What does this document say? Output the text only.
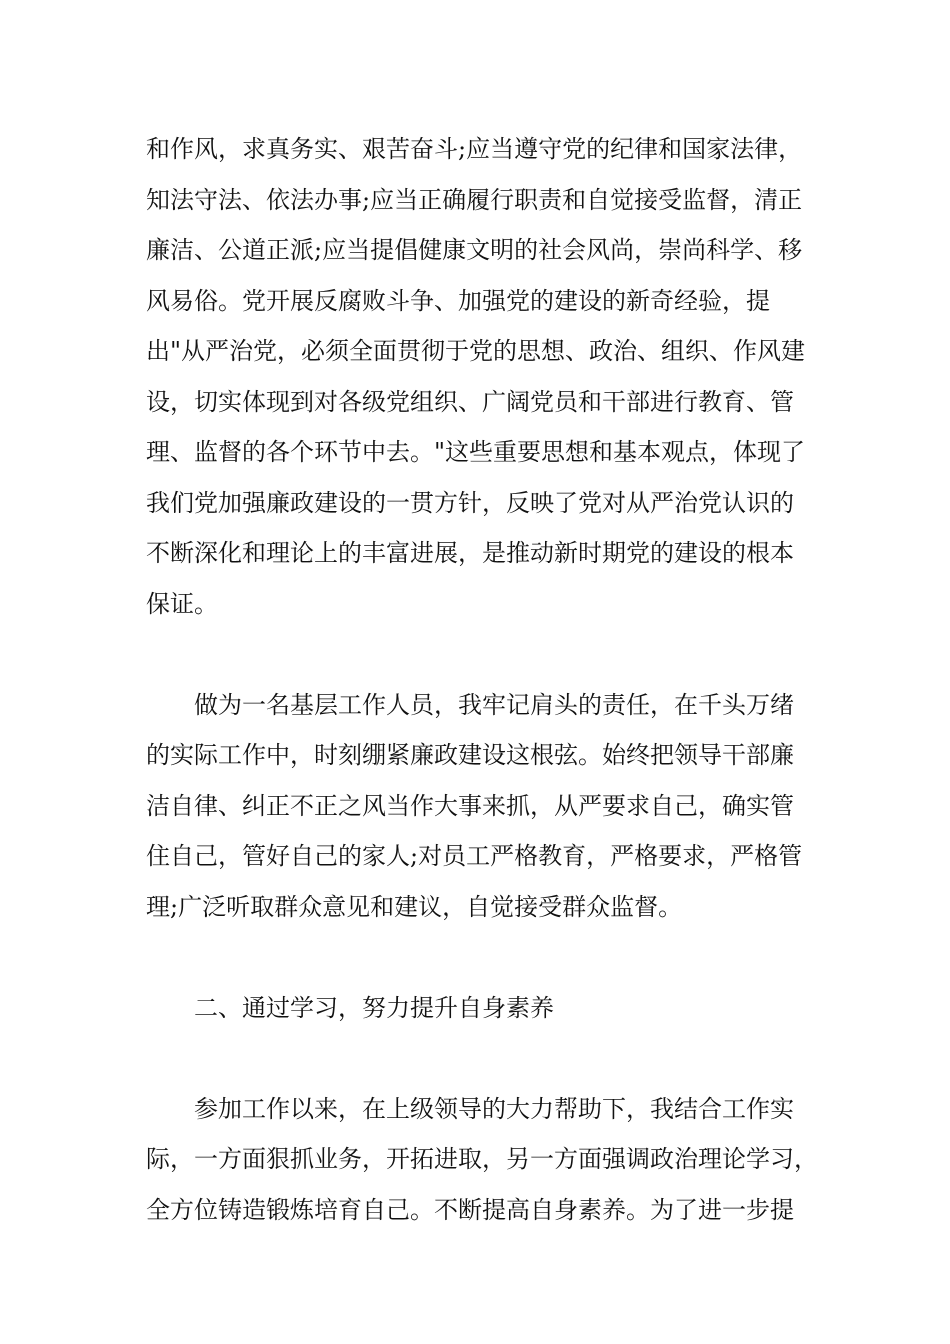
和作风，求真务实、艰苦奋斗;应当遵守党的纪律和国家法律，

知法守法、依法办事;应当正确履行职责和自觉接受监督，清正

廉洁、公道正派;应当提倡健康文明的社会风尚，崇尚科学、移

风易俗。党开展反腐败斗争、加强党的建设的新奇经验，提

出"从严治党，必须全面贯彻于党的思想、政治、组织、作风建

设，切实体现到对各级党组织、广阔党员和干部进行教育、管

理、监督的各个环节中去。"这些重要思想和基本观点，体现了

我们党加强廉政建设的一贯方针，反映了党对从严治党认识的

不断深化和理论上的丰富进展，是推动新时期党的建设的根本

保证。

做为一名基层工作人员，我牢记肩头的责任，在千头万绪

的实际工作中，时刻绷紧廉政建设这根弦。始终把领导干部廉

洁自律、纠正不正之风当作大事来抓，从严要求自己，确实管

住自己，管好自己的家人;对员工严格教育，严格要求，严格管

理;广泛听取群众意见和建议，自觉接受群众监督。

二、通过学习，努力提升自身素养

参加工作以来，在上级领导的大力帮助下，我结合工作实

际，一方面狠抓业务，开拓进取，另一方面强调政治理论学习，

全方位铸造锻炼培育自己。不断提高自身素养。为了进一步提
